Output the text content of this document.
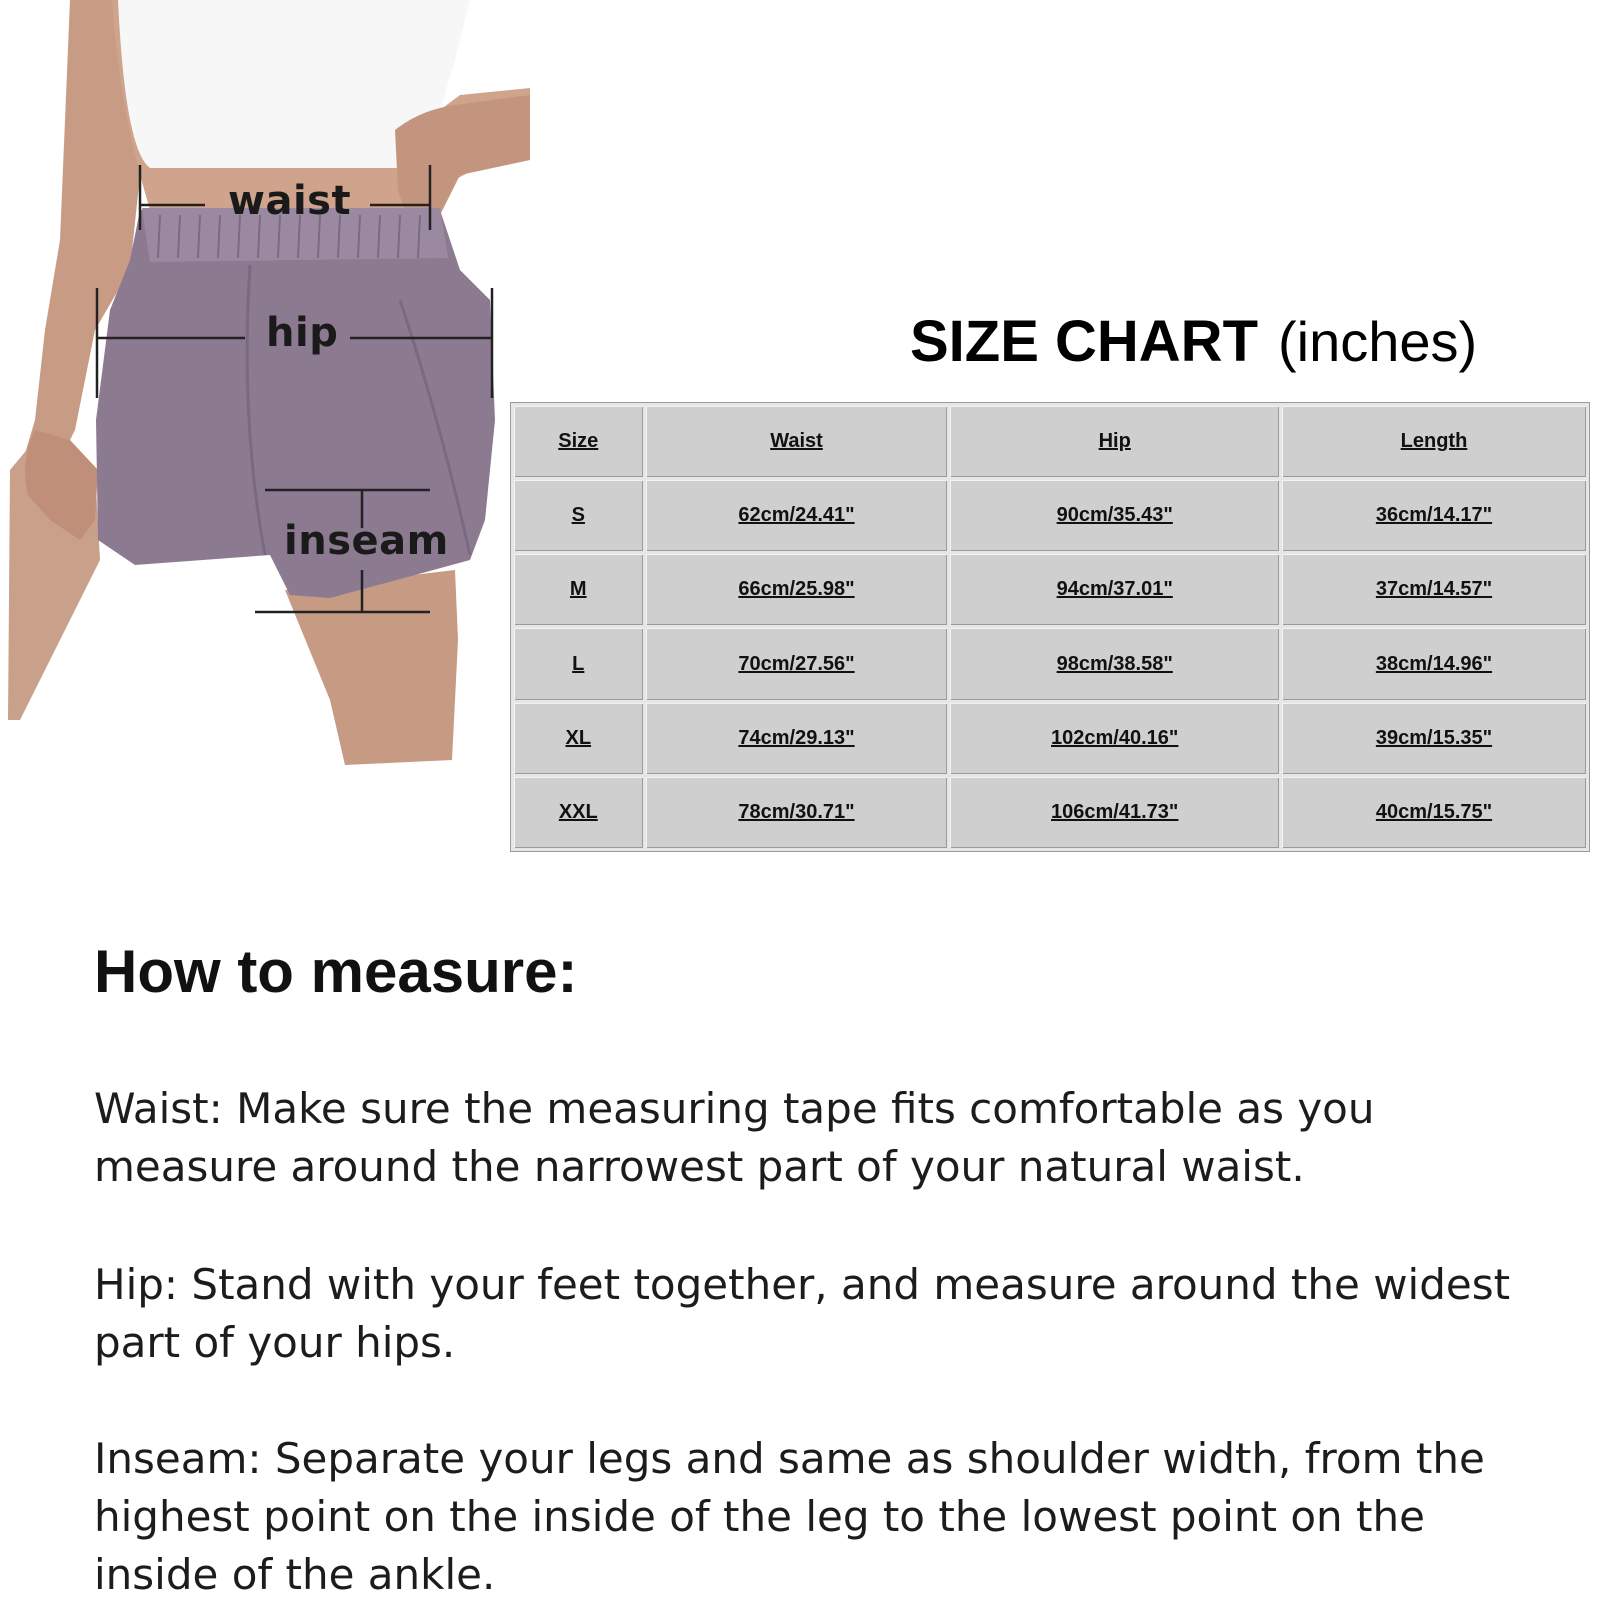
waist
hip
inseam
SIZE CHART (inches)
Size	Waist	Hip	Length
S	62cm/24.41"	90cm/35.43"	36cm/14.17"
M	66cm/25.98"	94cm/37.01"	37cm/14.57"
L	70cm/27.56"	98cm/38.58"	38cm/14.96"
XL	74cm/29.13"	102cm/40.16"	39cm/15.35"
XXL	78cm/30.71"	106cm/41.73"	40cm/15.75"
How to measure:

Waist: Make sure the measuring tape fits comfortable as you measure around the narrowest part of your natural waist.

Hip: Stand with your feet together, and measure around the widest part of your hips.

Inseam: Separate your legs and same as shoulder width, from the highest point on the inside of the leg to the lowest point on the inside of the ankle.
